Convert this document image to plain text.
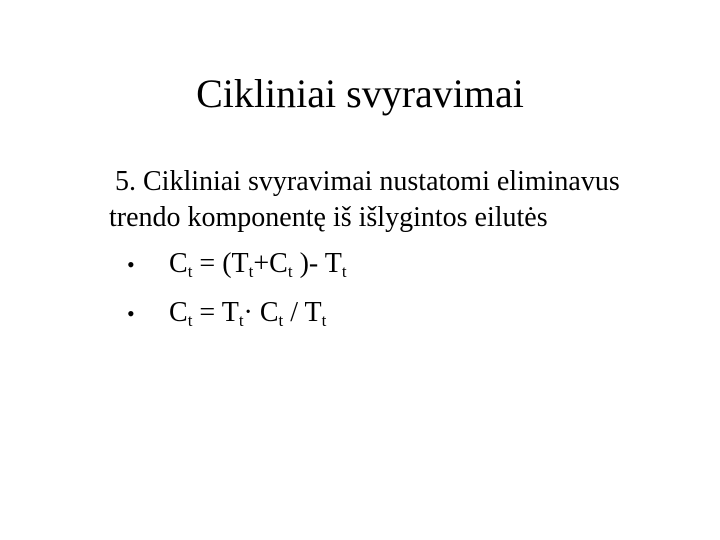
Cikliniai svyravimai
5. Cikliniai svyravimai nustatomi eliminavus
trendo komponentę iš išlygintos eilutės
• $C_t = (T_t+C_t$ )- $T_t$
• $C_t = T_t\cdot C_t / T_t$
